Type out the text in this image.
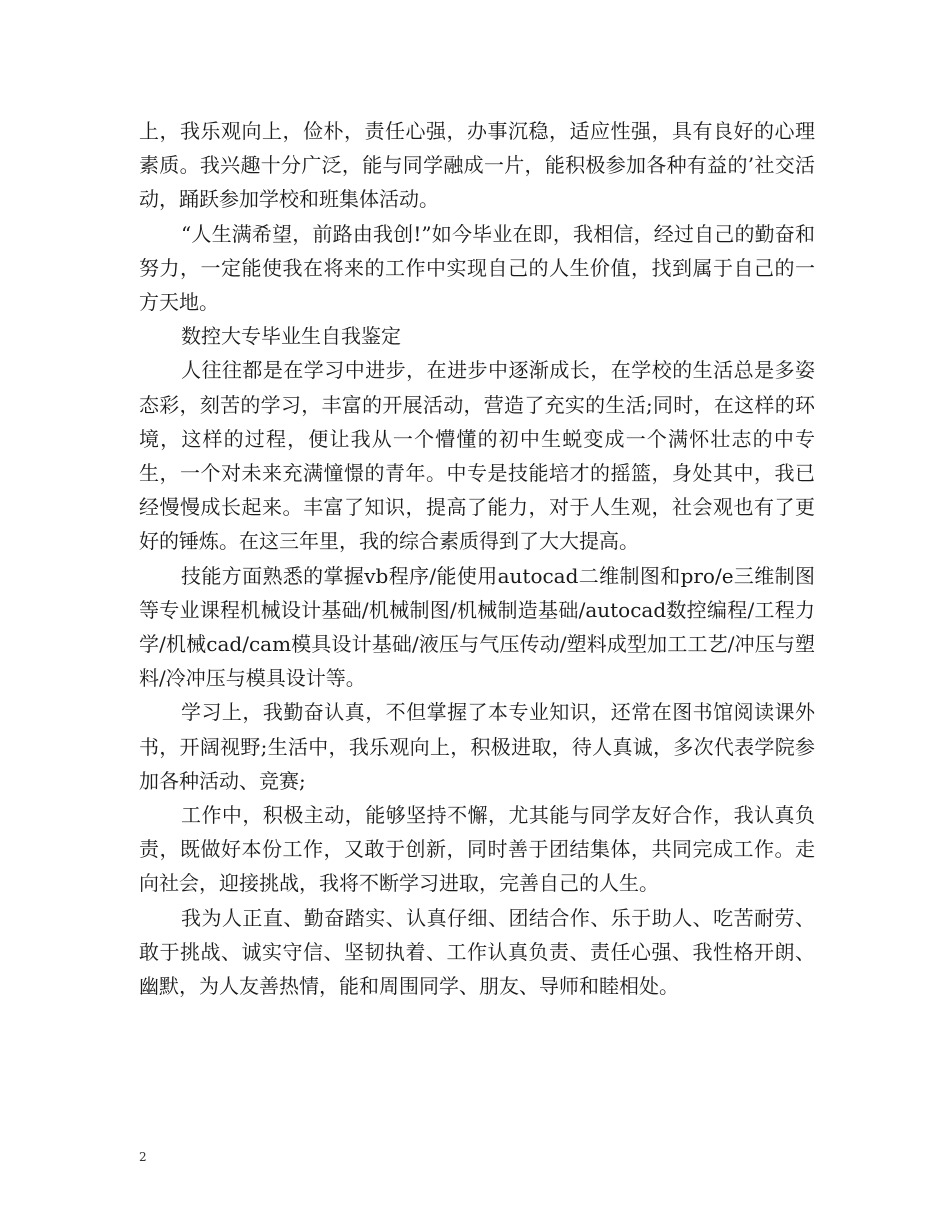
上，我乐观向上，俭朴，责任心强，办事沉稳，适应性强，具有良好的心理素质。我兴趣十分广泛，能与同学融成一片，能积极参加各种有益的’社交活动，踊跃参加学校和班集体活动。

“人生满希望，前路由我创!”如今毕业在即，我相信，经过自己的勤奋和努力，一定能使我在将来的工作中实现自己的人生价值，找到属于自己的一方天地。

数控大专毕业生自我鉴定

人往往都是在学习中进步，在进步中逐渐成长，在学校的生活总是多姿态彩，刻苦的学习，丰富的开展活动，营造了充实的生活;同时，在这样的环境，这样的过程，便让我从一个懵懂的初中生蜕变成一个满怀壮志的中专生，一个对未来充满憧憬的青年。中专是技能培才的摇篮，身处其中，我已经慢慢成长起来。丰富了知识，提高了能力，对于人生观，社会观也有了更好的锤炼。在这三年里，我的综合素质得到了大大提高。

技能方面熟悉的掌握vb程序/能使用autocad二维制图和pro/e三维制图等专业课程机械设计基础/机械制图/机械制造基础/autocad数控编程/工程力学/机械cad/cam模具设计基础/液压与气压传动/塑料成型加工工艺/冲压与塑料/冷冲压与模具设计等。

学习上，我勤奋认真，不但掌握了本专业知识，还常在图书馆阅读课外书，开阔视野;生活中，我乐观向上，积极进取，待人真诚，多次代表学院参加各种活动、竞赛;

工作中，积极主动，能够坚持不懈，尤其能与同学友好合作，我认真负责，既做好本份工作，又敢于创新，同时善于团结集体，共同完成工作。走向社会，迎接挑战，我将不断学习进取，完善自己的人生。

我为人正直、勤奋踏实、认真仔细、团结合作、乐于助人、吃苦耐劳、敢于挑战、诚实守信、坚韧执着、工作认真负责、责任心强、我性格开朗、幽默，为人友善热情，能和周围同学、朋友、导师和睦相处。

2
